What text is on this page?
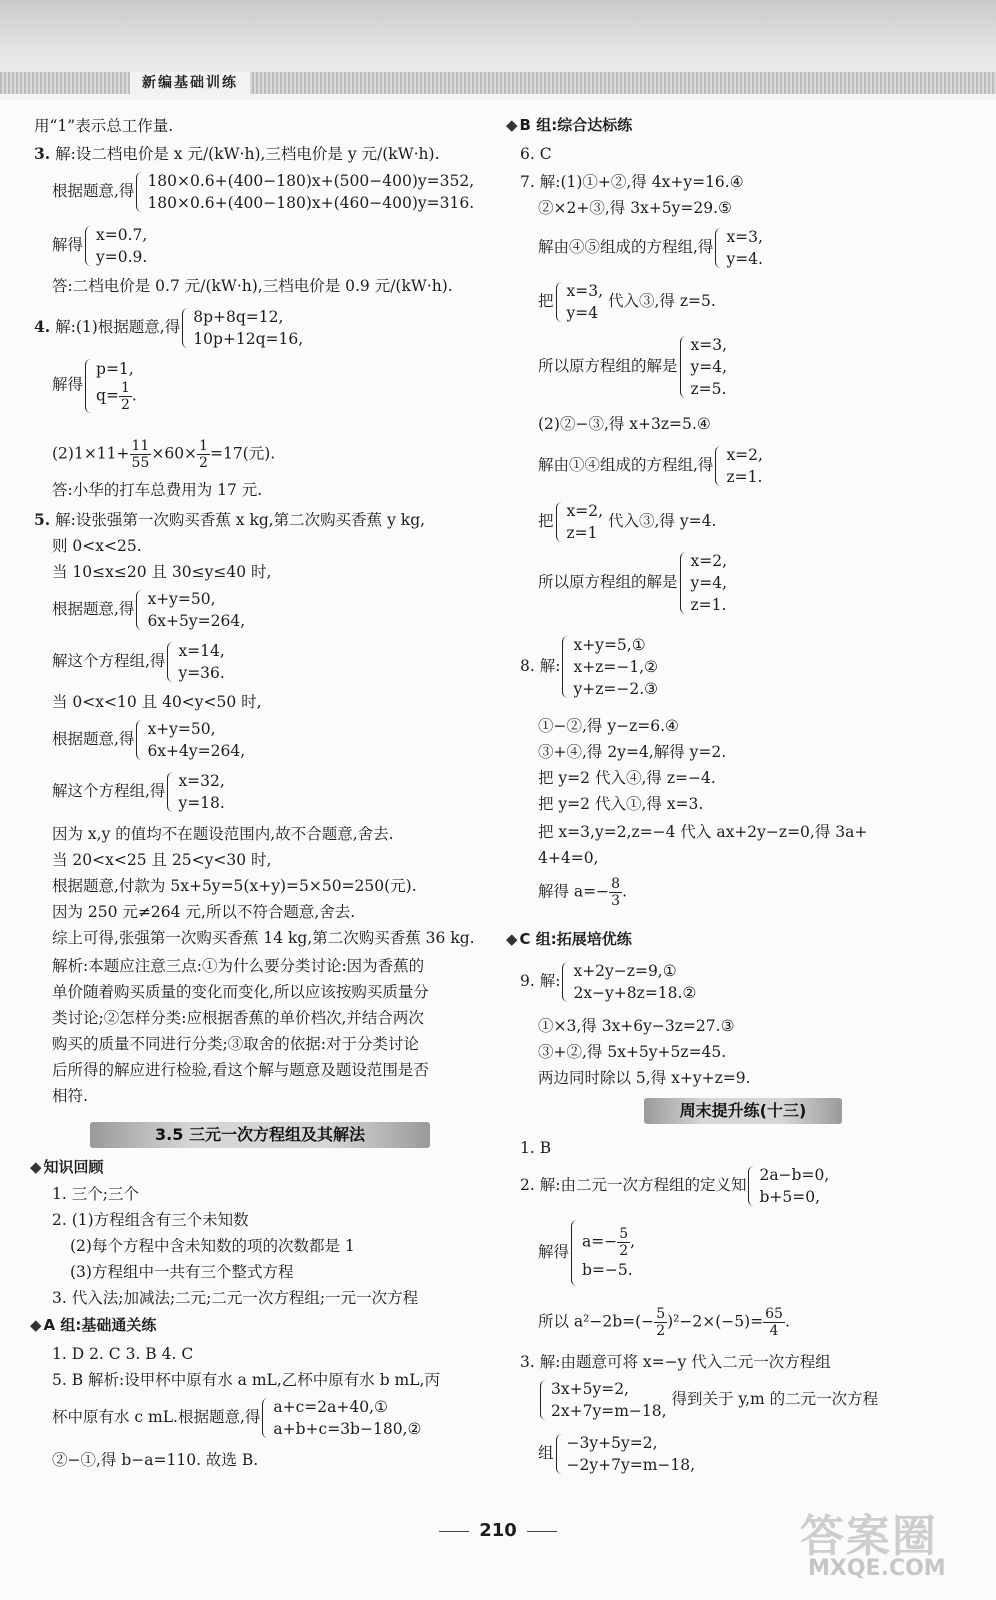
新编基础训练
用“1”表示总工作量.
3. 解:设二档电价是 x 元/(kW·h),三档电价是 y 元/(kW·h).
根据题意,得
180×0.6+(400−180)x+(500−400)y=352,
180×0.6+(400−180)x+(460−400)y=316.
解得
x=0.7,
y=0.9.
答:二档电价是 0.7 元/(kW·h),三档电价是 0.9 元/(kW·h).
4. 解:(1)根据题意,得
8p+8q=12,
10p+12q=16,
解得
p=1,
$q= \frac{1}{2}$ .
$(2)1\times 11+ \frac{11}{55} \times 60\times \frac{1}{2} =17$(元).
答:小华的打车总费用为 17 元.
5. 解:设张强第一次购买香蕉 x kg,第二次购买香蕉 y kg,
则 0<x<25.
当 10≤x≤20 且 30≤y≤40 时,
根据题意,得
x+y=50,
6x+5y=264,
解这个方程组,得
x=14,
y=36.
当 0<x<10 且 40<y<50 时,
根据题意,得
x+y=50,
6x+4y=264,
解这个方程组,得
x=32,
y=18.
因为 x,y 的值均不在题设范围内,故不合题意,舍去.
当 20<x<25 且 25<y<30 时,
根据题意,付款为 5x+5y=5(x+y)=5×50=250(元).
因为 250 元≠264 元,所以不符合题意,舍去.
综上可得,张强第一次购买香蕉 14 kg,第二次购买香蕉 36 kg.
解析:本题应注意三点:①为什么要分类讨论:因为香蕉的
单价随着购买质量的变化而变化,所以应该按购买质量分
类讨论;②怎样分类:应根据香蕉的单价档次,并结合两次
购买的质量不同进行分类;③取舍的依据:对于分类讨论
后所得的解应进行检验,看这个解与题意及题设范围是否
相符.
3.5 三元一次方程组及其解法
◆ 知识回顾
1. 三个;三个
2. (1)方程组含有三个未知数
(2)每个方程中含未知数的项的次数都是 1
(3)方程组中一共有三个整式方程
3. 代入法;加减法;二元;二元一次方程组;一元一次方程
◆ A 组:基础通关练
1. D 2. C 3. B 4. C
5. B 解析:设甲杯中原有水 a mL,乙杯中原有水 b mL,丙
杯中原有水 c mL.根据题意,得
a+c=2a+40,①
a+b+c=3b−180,②
②−①,得 b−a=110. 故选 B.
◆ B 组:综合达标练
6. C
7. 解:(1)①+②,得 4x+y=16.④
②×2+③,得 3x+5y=29.⑤
解由④⑤组成的方程组,得
x=3,
y=4.
把
x=3,
y=4
代入③,得 z=5.
所以原方程组的解是
x=3,
y=4,
z=5.
(2)②−③,得 x+3z=5.④
解由①④组成的方程组,得
x=2,
z=1.
把
x=2,
z=1
代入③,得 y=4.
所以原方程组的解是
x=2,
y=4,
z=1.
8. 解:
x+y=5,①
x+z=−1,②
y+z=−2.③
①−②,得 y−z=6.④
③+④,得 2y=4,解得 y=2.
把 y=2 代入④,得 z=−4.
把 y=2 代入①,得 x=3.
把 x=3,y=2,z=−4 代入 ax+2y−z=0,得 3a+
4+4=0,
解得 $a=- \frac{8}{3}$ .
◆ C 组:拓展培优练
9. 解:
x+2y−z=9,①
2x−y+8z=18.②
①×3,得 3x+6y−3z=27.③
③+②,得 5x+5y+5z=45.
两边同时除以 5,得 x+y+z=9.
周末提升练(十三)
1. B
2. 解:由二元一次方程组的定义知
2a−b=0,
b+5=0,
解得
$a=- \frac{5}{2}$ ,
b=−5.
所以 $a^2-2b=(- \frac{5}{2} )^2-2\times(-5)= \frac{65}{4}$ .
3. 解:由题意可将 x=−y 代入二元一次方程组
3x+5y=2,
2x+7y=m−18,
得到关于 y,m 的二元一次方程
组
−3y+5y=2,
−2y+7y=m−18,
210	答案圈
MXQE.COM
